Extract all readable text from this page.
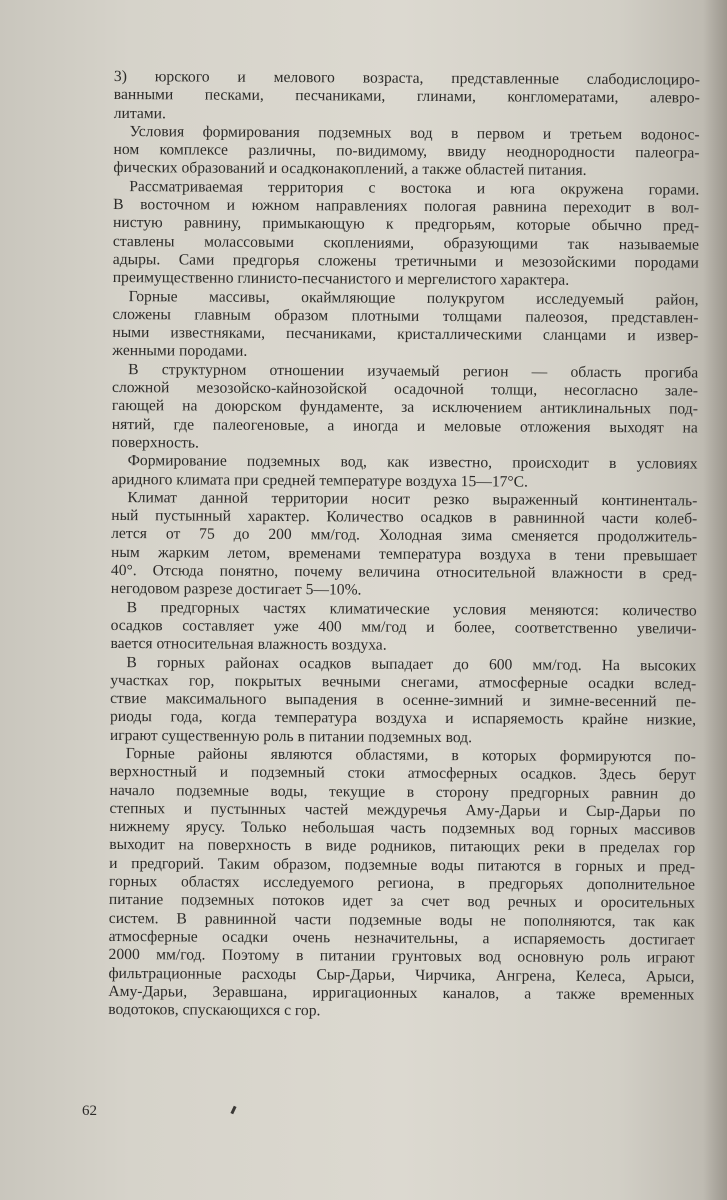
3) юрского и мелового возраста, представленные слабодислоциро-
ванными песками, песчаниками, глинами, конгломератами, алевро-
литами.
Условия формирования подземных вод в первом и третьем водонос-
ном комплексе различны, по-видимому, ввиду неоднородности палеогра-
фических образований и осадконакоплений, а также областей питания.
Рассматриваемая территория с востока и юга окружена горами.
В восточном и южном направлениях пологая равнина переходит в вол-
нистую равнину, примыкающую к предгорьям, которые обычно пред-
ставлены молассовыми скоплениями, образующими так называемые
адыры. Сами предгорья сложены третичными и мезозойскими породами
преимущественно глинисто-песчанистого и мергелистого характера.
Горные массивы, окаймляющие полукругом исследуемый район,
сложены главным образом плотными толщами палеозоя, представлен-
ными известняками, песчаниками, кристаллическими сланцами и извер-
женными породами.
В структурном отношении изучаемый регион — область прогиба
сложной мезозойско-кайнозойской осадочной толщи, несогласно зале-
гающей на доюрском фундаменте, за исключением антиклинальных под-
нятий, где палеогеновые, а иногда и меловые отложения выходят на
поверхность.
Формирование подземных вод, как известно, происходит в условиях
аридного климата при средней температуре воздуха 15—17°С.
Климат данной территории носит резко выраженный континенталь-
ный пустынный характер. Количество осадков в равнинной части колеб-
лется от 75 до 200 мм/год. Холодная зима сменяется продолжитель-
ным жарким летом, временами температура воздуха в тени превышает
40°. Отсюда понятно, почему величина относительной влажности в сред-
негодовом разрезе достигает 5—10%.
В предгорных частях климатические условия меняются: количество
осадков составляет уже 400 мм/год и более, соответственно увеличи-
вается относительная влажность воздуха.
В горных районах осадков выпадает до 600 мм/год. На высоких
участках гор, покрытых вечными снегами, атмосферные осадки вслед-
ствие максимального выпадения в осенне-зимний и зимне-весенний пе-
риоды года, когда температура воздуха и испаряемость крайне низкие,
играют существенную роль в питании подземных вод.
Горные районы являются областями, в которых формируются по-
верхностный и подземный стоки атмосферных осадков. Здесь берут
начало подземные воды, текущие в сторону предгорных равнин до
степных и пустынных частей междуречья Аму-Дарьи и Сыр-Дарьи по
нижнему ярусу. Только небольшая часть подземных вод горных массивов
выходит на поверхность в виде родников, питающих реки в пределах гор
и предгорий. Таким образом, подземные воды питаются в горных и пред-
горных областях исследуемого региона, в предгорьях дополнительное
питание подземных потоков идет за счет вод речных и оросительных
систем. В равнинной части подземные воды не пополняются, так как
атмосферные осадки очень незначительны, а испаряемость достигает
2000 мм/год. Поэтому в питании грунтовых вод основную роль играют
фильтрационные расходы Сыр-Дарьи, Чирчика, Ангрена, Келеса, Арыси,
Аму-Дарьи, Зеравшана, ирригационных каналов, а также временных
водотоков, спускающихся с гор.
62
